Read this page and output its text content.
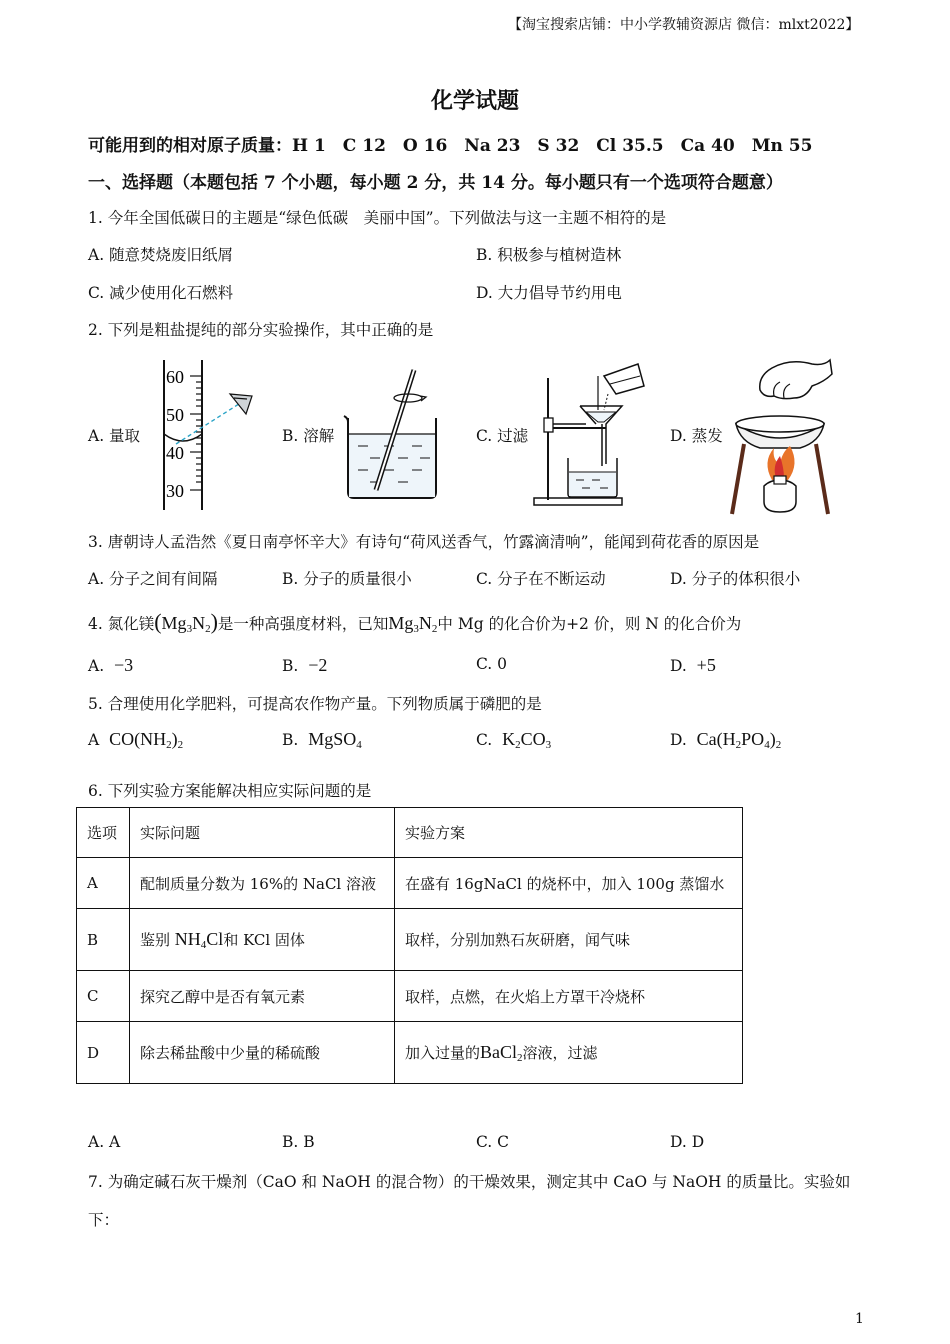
【淘宝搜索店铺：中小学教辅资源店 微信：mlxt2022】
化学试题
可能用到的相对原子质量：H 1　C 12　O 16　Na 23　S 32　Cl 35.5　Ca 40　Mn 55
一、选择题（本题包括 7 个小题，每小题 2 分，共 14 分。每小题只有一个选项符合题意）
1. 今年全国低碳日的主题是“绿色低碳　美丽中国”。下列做法与这一主题不相符的是
A. 随意焚烧废旧纸屑	B. 积极参与植树造林
C. 减少使用化石燃料	D. 大力倡导节约用电
2. 下列是粗盐提纯的部分实验操作，其中正确的是
A. 量取	B. 溶解	C. 过滤	D. 蒸发
60
50
40
30
3. 唐朝诗人孟浩然《夏日南亭怀辛大》有诗句“荷风送香气，竹露滴清响”，能闻到荷花香的原因是
A. 分子之间有间隔	B. 分子的质量很小	C. 分子在不断运动	D. 分子的体积很小
4. 氮化镁$(Mg_3N_2)$是一种高强度材料，已知$Mg_3N_2$中 Mg 的化合价为+2 价，则 N 的化合价为
A. −3	B. −2	C. 0	D. +5
5. 合理使用化学肥料，可提高农作物产量。下列物质属于磷肥的是
A $CO(NH_2)_2$	B. MgSO$_4$	C. $K_2CO_3$	D. $Ca(H_2PO_4)_2$
6. 下列实验方案能解决相应实际问题的是
选项	实际问题	实验方案
A	配制质量分数为 16%的 NaCl 溶液	在盛有 16gNaCl 的烧杯中，加入 100g 蒸馏水
B	鉴别 $NH_4Cl$和 KCl 固体	取样，分别加熟石灰研磨，闻气味
C	探究乙醇中是否有氧元素	取样，点燃，在火焰上方罩干冷烧杯
D	除去稀盐酸中少量的稀硫酸	加入过量的BaCl$_2$溶液，过滤
A. A	B. B	C. C	D. D
7. 为确定碱石灰干燥剂（CaO 和 NaOH 的混合物）的干燥效果，测定其中 CaO 与 NaOH 的质量比。实验如
下：
1
